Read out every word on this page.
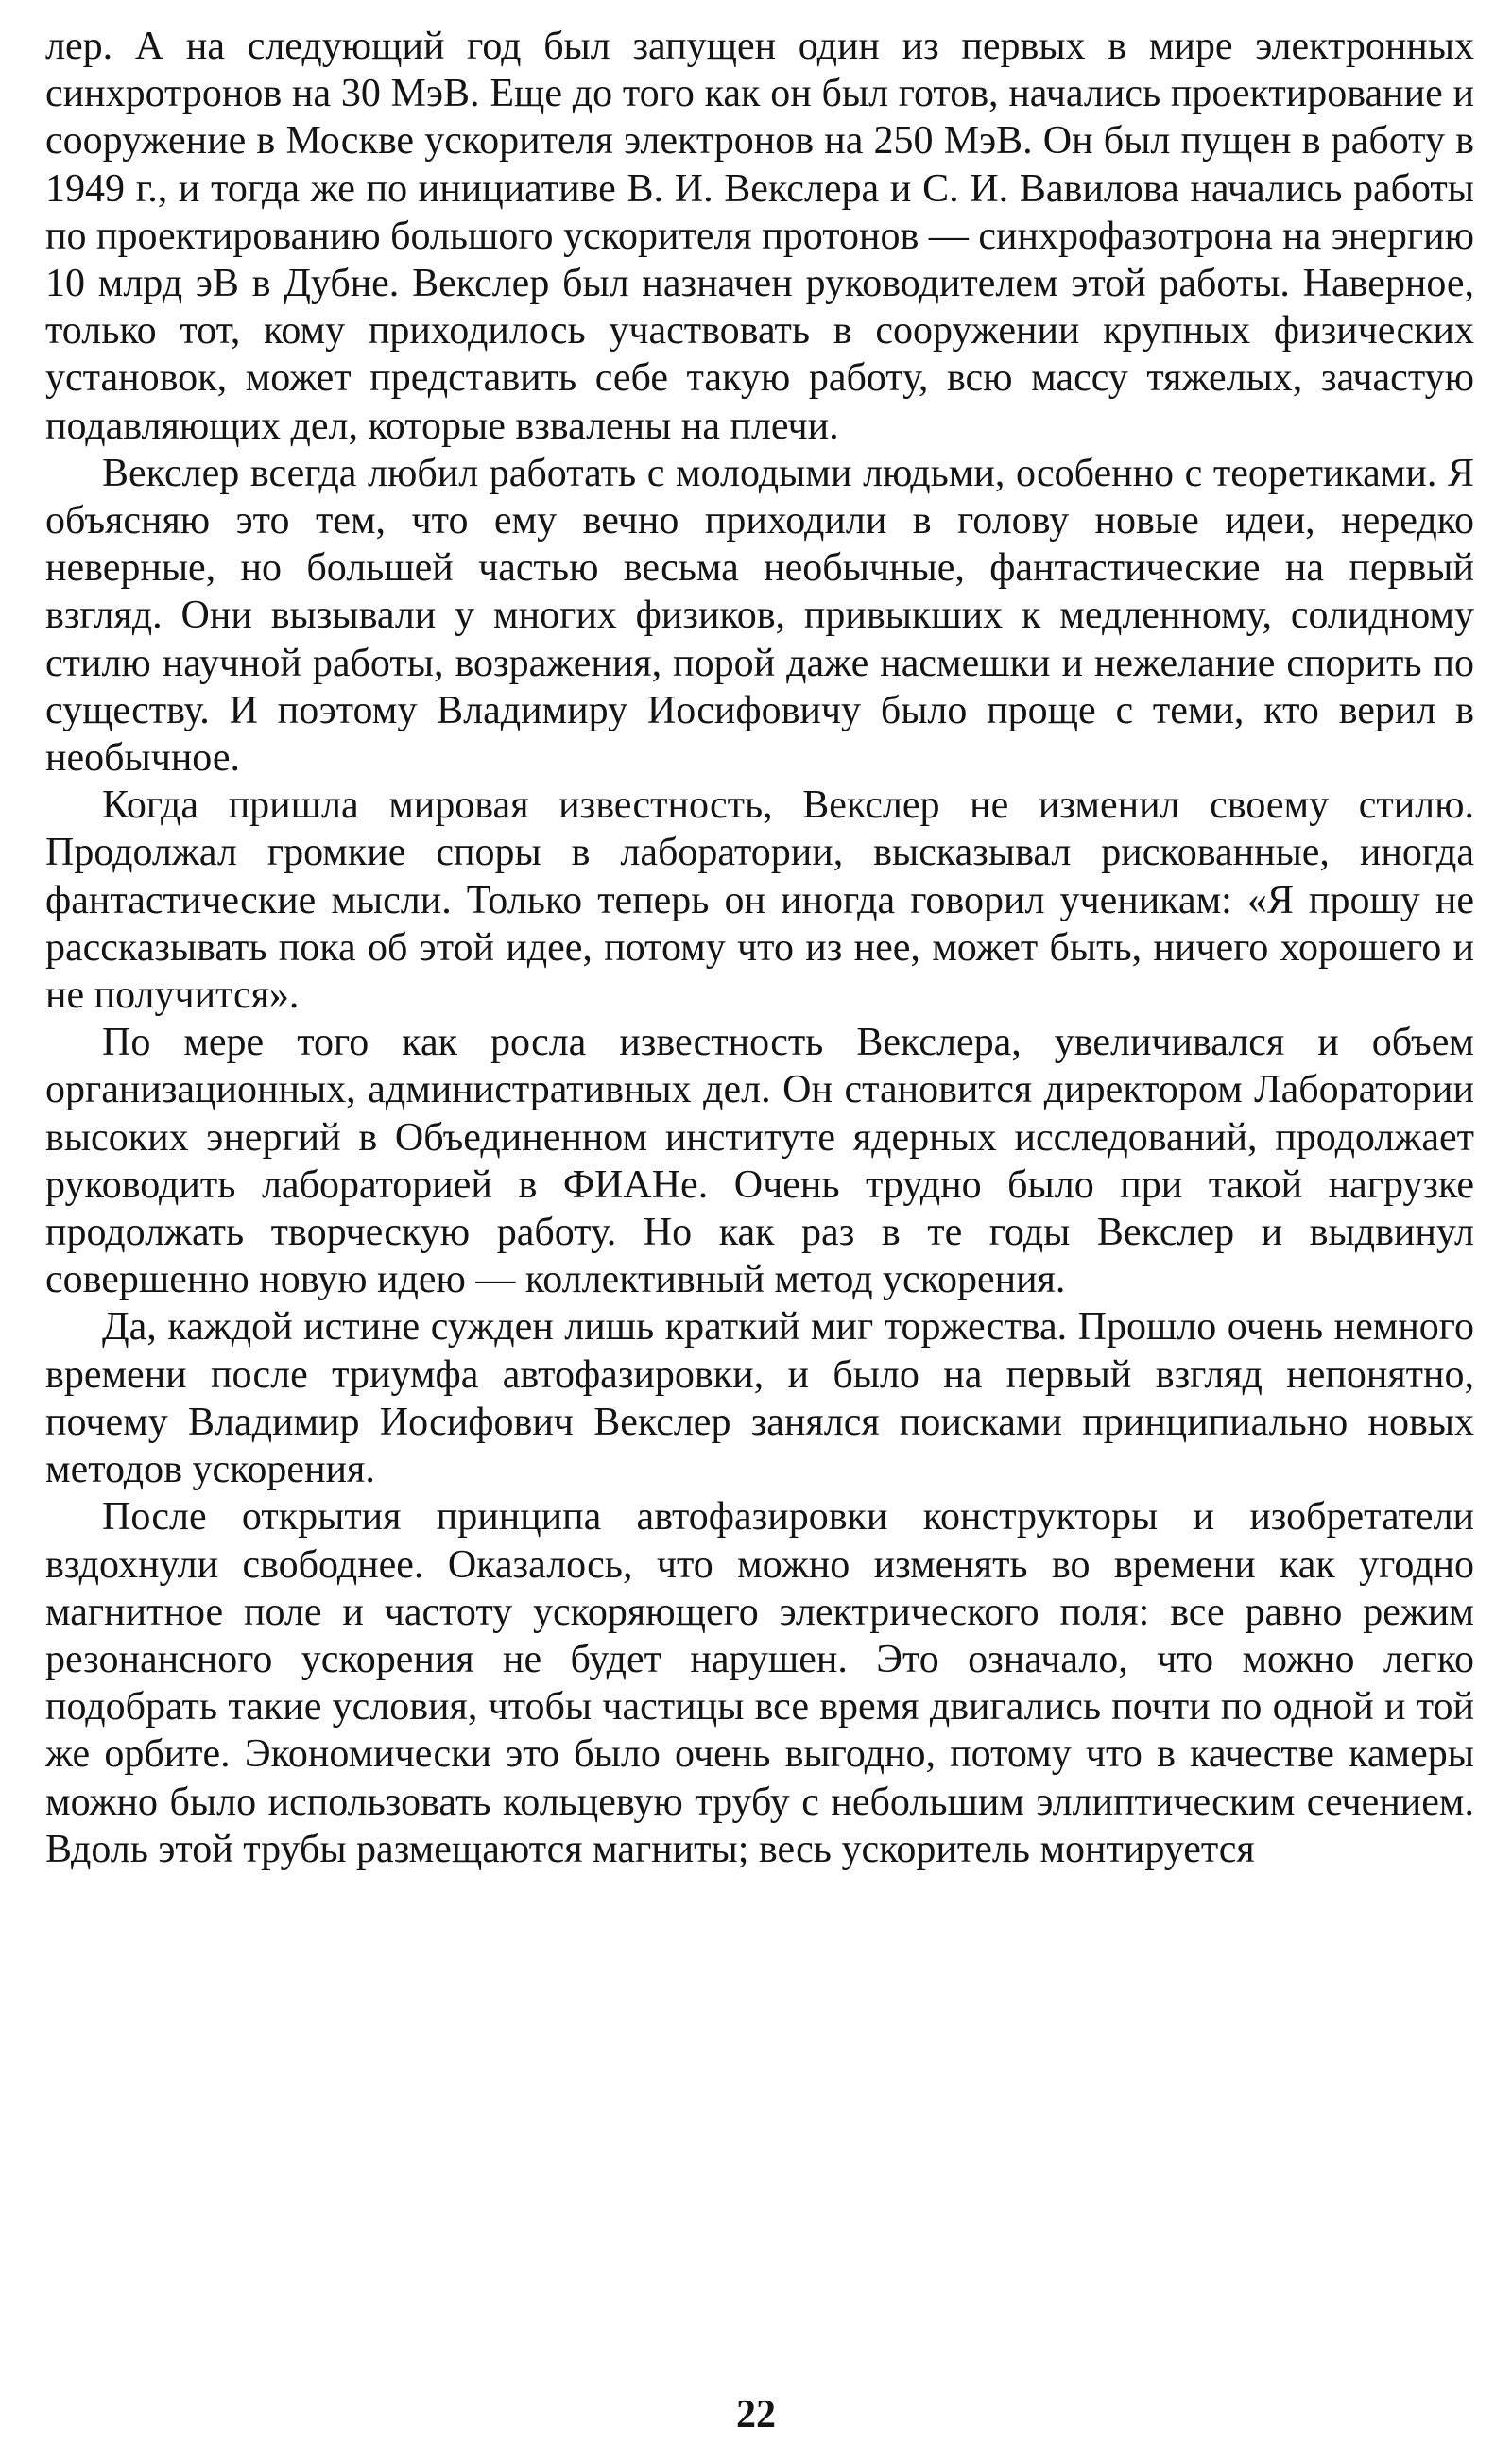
лер. А на следующий год был запущен один из первых в мире электронных синхротронов на 30 МэВ. Еще до того как он был готов, начались проектирование и сооружение в Москве ускорителя электронов на 250 МэВ. Он был пущен в работу в 1949 г., и тогда же по инициативе В. И. Векслера и С. И. Вавилова начались работы по проектированию большого ускорителя протонов — синхрофазотрона на энергию 10 млрд эВ в Дубне. Векслер был назначен руководителем этой работы. Наверное, только тот, кому приходилось участвовать в сооружении крупных физических установок, может представить себе такую работу, всю массу тяжелых, зачастую подавляющих дел, которые взвалены на плечи.

Векслер всегда любил работать с молодыми людьми, особенно с теоретиками. Я объясняю это тем, что ему вечно приходили в голову новые идеи, нередко неверные, но большей частью весьма необычные, фантастические на первый взгляд. Они вызывали у многих физиков, привыкших к медленному, солидному стилю научной работы, возражения, порой даже насмешки и нежелание спорить по существу. И поэтому Владимиру Иосифовичу было проще с теми, кто верил в необычное.

Когда пришла мировая известность, Векслер не изменил своему стилю. Продолжал громкие споры в лаборатории, высказывал рискованные, иногда фантастические мысли. Только теперь он иногда говорил ученикам: «Я прошу не рассказывать пока об этой идее, потому что из нее, может быть, ничего хорошего и не получится».

По мере того как росла известность Векслера, увеличивался и объем организационных, административных дел. Он становится директором Лаборатории высоких энергий в Объединенном институте ядерных исследований, продолжает руководить лабораторией в ФИАНе. Очень трудно было при такой нагрузке продолжать творческую работу. Но как раз в те годы Векслер и выдвинул совершенно новую идею — коллективный метод ускорения.

Да, каждой истине сужден лишь краткий миг торжества. Прошло очень немного времени после триумфа автофазировки, и было на первый взгляд непонятно, почему Владимир Иосифович Векслер занялся поисками принципиально новых методов ускорения.

После открытия принципа автофазировки конструкторы и изобретатели вздохнули свободнее. Оказалось, что можно изменять во времени как угодно магнитное поле и частоту ускоряющего электрического поля: все равно режим резонансного ускорения не будет нарушен. Это означало, что можно легко подобрать такие условия, чтобы частицы все время двигались почти по одной и той же орбите. Экономически это было очень выгодно, потому что в качестве камеры можно было использовать кольцевую трубу с небольшим эллиптическим сечением. Вдоль этой трубы размещаются магниты; весь ускоритель монтируется

22
